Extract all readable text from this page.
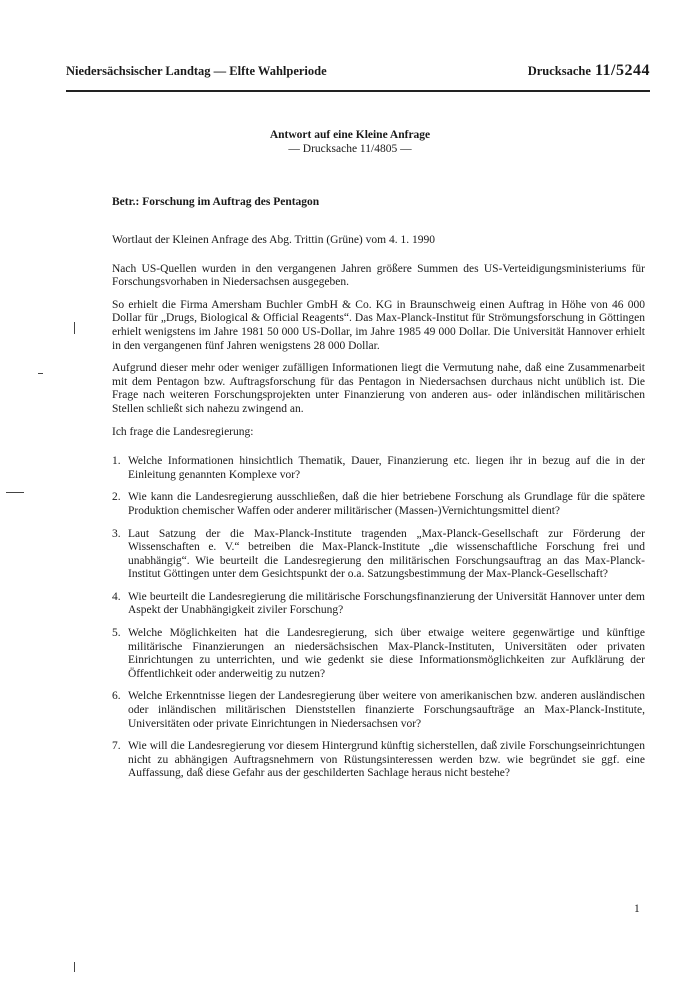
Niedersächsischer Landtag — Elfte Wahlperiode	Drucksache 11/5244
Antwort auf eine Kleine Anfrage
— Drucksache 11/4805 —
Betr.: Forschung im Auftrag des Pentagon

Wortlaut der Kleinen Anfrage des Abg. Trittin (Grüne) vom 4. 1. 1990

Nach US-Quellen wurden in den vergangenen Jahren größere Summen des US-Verteidigungsministeriums für Forschungsvorhaben in Niedersachsen ausgegeben.

So erhielt die Firma Amersham Buchler GmbH & Co. KG in Braunschweig einen Auftrag in Höhe von 46 000 Dollar für „Drugs, Biological & Official Reagents“. Das Max-Planck-Institut für Strömungsforschung in Göttingen erhielt wenigstens im Jahre 1981 50 000 US-Dollar, im Jahre 1985 49 000 Dollar. Die Universität Hannover erhielt in den vergangenen fünf Jahren wenigstens 28 000 Dollar.

Aufgrund dieser mehr oder weniger zufälligen Informationen liegt die Vermutung nahe, daß eine Zusammenarbeit mit dem Pentagon bzw. Auftragsforschung für das Pentagon in Niedersachsen durchaus nicht unüblich ist. Die Frage nach weiteren Forschungsprojekten unter Finanzierung von anderen aus- oder inländischen militärischen Stellen schließt sich nahezu zwingend an.

Ich frage die Landesregierung:

1. Welche Informationen hinsichtlich Thematik, Dauer, Finanzierung etc. liegen ihr in bezug auf die in der Einleitung genannten Komplexe vor?
2. Wie kann die Landesregierung ausschließen, daß die hier betriebene Forschung als Grundlage für die spätere Produktion chemischer Waffen oder anderer militärischer (Massen-)Vernichtungsmittel dient?
3. Laut Satzung der die Max-Planck-Institute tragenden „Max-Planck-Gesellschaft zur Förderung der Wissenschaften e. V.“ betreiben die Max-Planck-Institute „die wissenschaftliche Forschung frei und unabhängig“. Wie beurteilt die Landesregierung den militärischen Forschungsauftrag an das Max-Planck-Institut Göttingen unter dem Gesichtspunkt der o.a. Satzungsbestimmung der Max-Planck-Gesellschaft?
4. Wie beurteilt die Landesregierung die militärische Forschungsfinanzierung der Universität Hannover unter dem Aspekt der Unabhängigkeit ziviler Forschung?
5. Welche Möglichkeiten hat die Landesregierung, sich über etwaige weitere gegenwärtige und künftige militärische Finanzierungen an niedersächsischen Max-Planck-Instituten, Universitäten oder privaten Einrichtungen zu unterrichten, und wie gedenkt sie diese Informationsmöglichkeiten zur Aufklärung der Öffentlichkeit oder anderweitig zu nutzen?
6. Welche Erkenntnisse liegen der Landesregierung über weitere von amerikanischen bzw. anderen ausländischen oder inländischen militärischen Dienststellen finanzierte Forschungsaufträge an Max-Planck-Institute, Universitäten oder private Einrichtungen in Niedersachsen vor?
7. Wie will die Landesregierung vor diesem Hintergrund künftig sicherstellen, daß zivile Forschungseinrichtungen nicht zu abhängigen Auftragsnehmern von Rüstungsinteressen werden bzw. wie begründet sie ggf. eine Auffassung, daß diese Gefahr aus der geschilderten Sachlage heraus nicht bestehe?
1
